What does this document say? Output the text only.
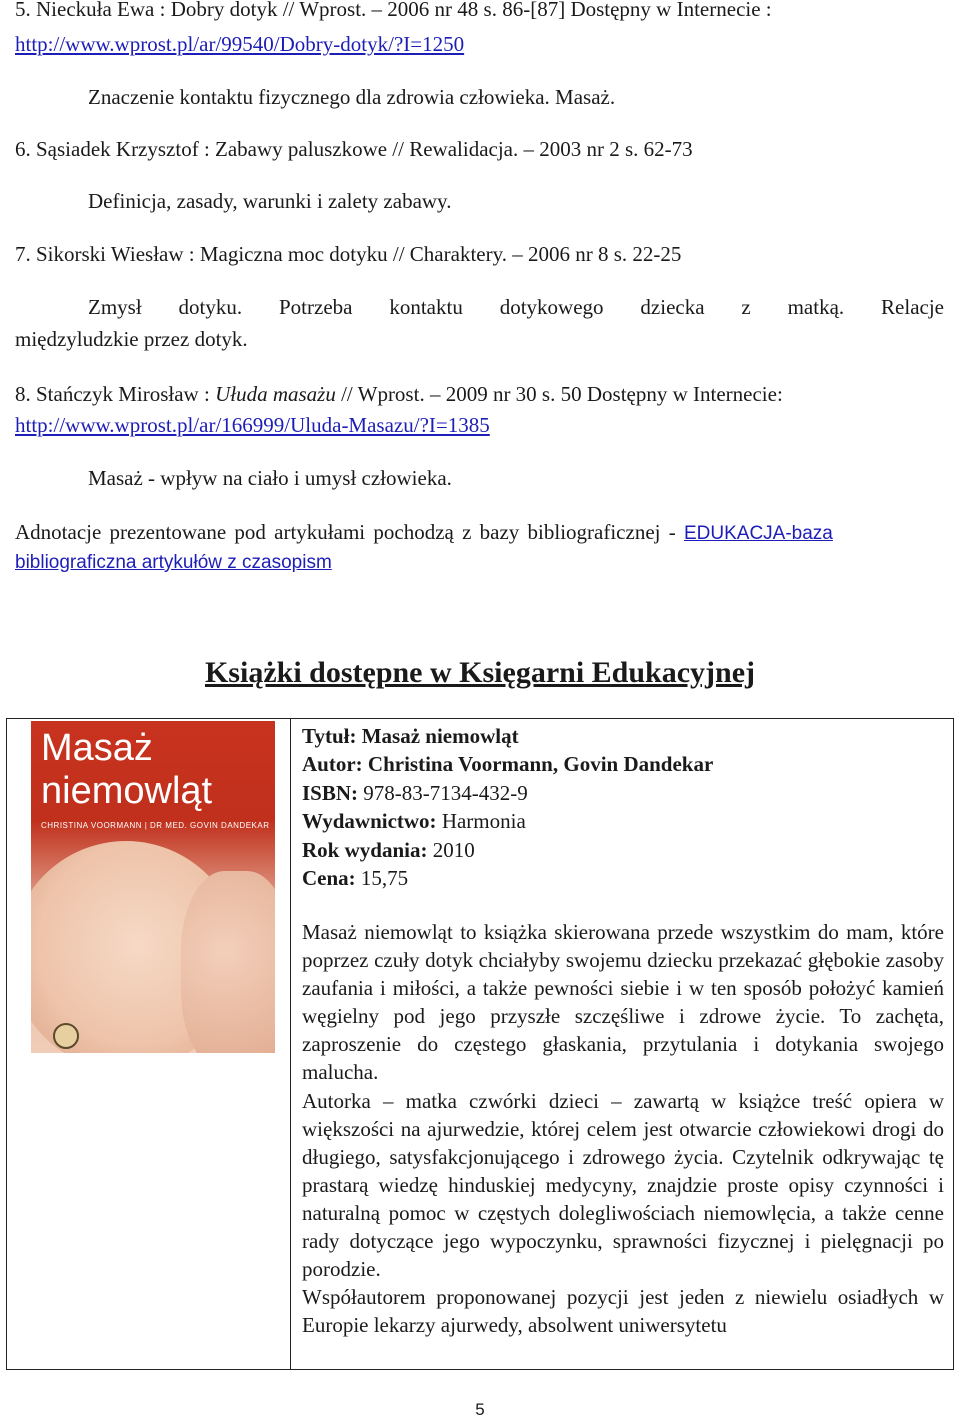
5. Nieckuła Ewa : Dobry dotyk // Wprost. – 2006 nr 48 s. 86-[87] Dostępny w Internecie :
http://www.wprost.pl/ar/99540/Dobry-dotyk/?I=1250
Znaczenie kontaktu fizycznego dla zdrowia człowieka. Masaż.
6. Sąsiadek Krzysztof : Zabawy paluszkowe // Rewalidacja. – 2003 nr 2 s. 62-73
Definicja, zasady, warunki i zalety zabawy.
7. Sikorski Wiesław : Magiczna moc dotyku // Charaktery. – 2006 nr 8 s. 22-25
Zmysł dotyku. Potrzeba kontaktu dotykowego dziecka z matką. Relacje
międzyludzkie przez dotyk.
8. Stańczyk Mirosław : Ułuda masażu // Wprost. – 2009 nr 30 s. 50 Dostępny w Internecie:
http://www.wprost.pl/ar/166999/Uluda-Masazu/?I=1385
Masaż - wpływ na ciało i umysł człowieka.
Adnotacje prezentowane pod artykułami pochodzą z bazy bibliograficznej - EDUKACJA-baza
bibliograficzna artykułów z czasopism
Książki dostępne w Księgarni Edukacyjnej
Masaż
niemowląt
CHRISTINA VOORMANN | DR MED. GOVIN DANDEKAR
Tytuł: Masaż niemowląt
Autor: Christina Voormann, Govin Dandekar
ISBN: 978-83-7134-432-9
Wydawnictwo: Harmonia
Rok wydania: 2010
Cena: 15,75

Masaż niemowląt to książka skierowana przede wszystkim do mam, które poprzez czuły dotyk chciałyby swojemu dziecku przekazać głębokie zasoby zaufania i miłości, a także pewności siebie i w ten sposób położyć kamień węgielny pod jego przyszłe szczęśliwe i zdrowe życie. To zachęta, zaproszenie do częstego głaskania, przytulania i dotykania swojego malucha.

Autorka – matka czwórki dzieci – zawartą w książce treść opiera w większości na ajurwedzie, której celem jest otwarcie człowiekowi drogi do długiego, satysfakcjonującego i zdrowego życia. Czytelnik odkrywając tę prastarą wiedzę hinduskiej medycyny, znajdzie proste opisy czynności i naturalną pomoc w częstych dolegliwościach niemowlęcia, a także cenne rady dotyczące jego wypoczynku, sprawności fizycznej i pielęgnacji po porodzie.

Współautorem proponowanej pozycji jest jeden z niewielu osiadłych w Europie lekarzy ajurwedy, absolwent uniwersytetu

5
